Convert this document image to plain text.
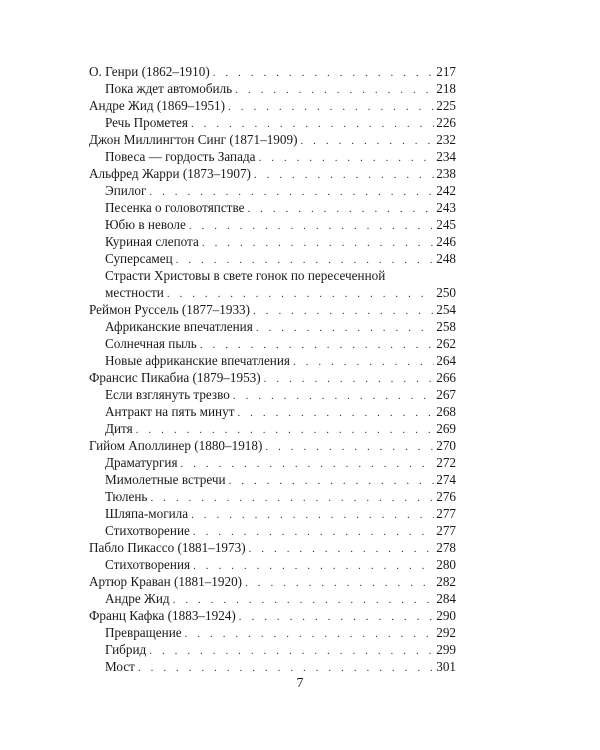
О. Генри (1862–1910) . . .	217
Пока ждет автомобиль . . .	218
Андре Жид (1869–1951) . . .	225
Речь Прометея . . .	226
Джон Миллингтон Синг (1871–1909) . . .	232
Повеса — гордость Запада . . .	234
Альфред Жарри (1873–1907) . . .	238
Эпилог . . .	242
Песенка о головотяпстве . . .	243
Юбю в неволе . . .	245
Куриная слепота . . .	246
Суперсамец . . .	248
Страсти Христовы в свете гонок по пересеченной
местности . . .	250
Реймон Руссель (1877–1933) . . .	254
Африканские впечатления . . .	258
Солнечная пыль . . .	262
Новые африканские впечатления . . .	264
Франсис Пикабиа (1879–1953) . . .	266
Если взглянуть трезво . . .	267
Антракт на пять минут . . .	268
Дитя . . .	269
Гийом Аполлинер (1880–1918) . . .	270
Драматургия . . .	272
Мимолетные встречи . . .	274
Тюлень . . .	276
Шляпа-могила . . .	277
Стихотворение . . .	277
Пабло Пикассо (1881–1973) . . .	278
Стихотворения . . .	280
Артюр Краван (1881–1920) . . .	282
Андре Жид . . .	284
Франц Кафка (1883–1924) . . .	290
Превращение . . .	292
Гибрид . . .	299
Мост . . .	301
7
